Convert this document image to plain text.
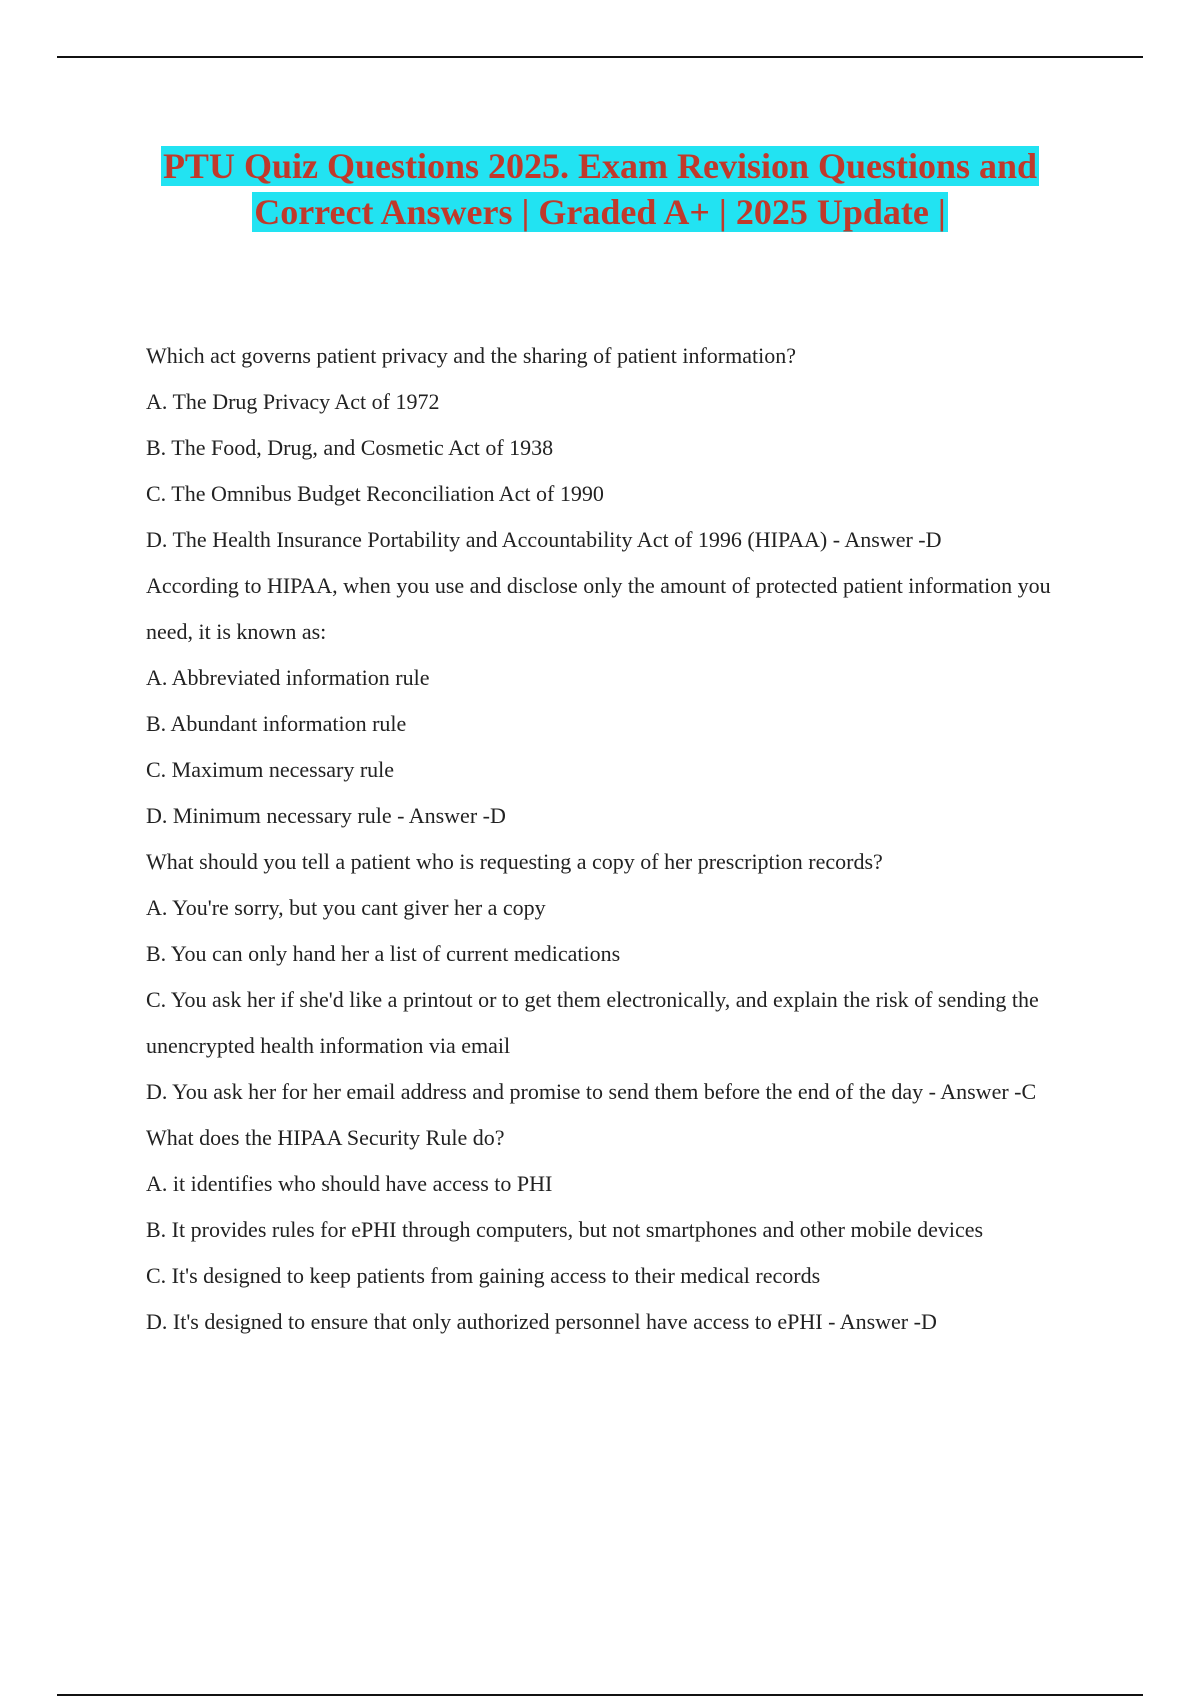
PTU Quiz Questions 2025. Exam Revision Questions and
Correct Answers | Graded A+ | 2025 Update |

Which act governs patient privacy and the sharing of patient information?

A. The Drug Privacy Act of 1972

B. The Food, Drug, and Cosmetic Act of 1938

C. The Omnibus Budget Reconciliation Act of 1990

D. The Health Insurance Portability and Accountability Act of 1996 (HIPAA) - Answer -D

According to HIPAA, when you use and disclose only the amount of protected patient information you

need, it is known as:

A. Abbreviated information rule

B. Abundant information rule

C. Maximum necessary rule

D. Minimum necessary rule - Answer -D

What should you tell a patient who is requesting a copy of her prescription records?

A. You're sorry, but you cant giver her a copy

B. You can only hand her a list of current medications

C. You ask her if she'd like a printout or to get them electronically, and explain the risk of sending the

unencrypted health information via email

D. You ask her for her email address and promise to send them before the end of the day - Answer -C

What does the HIPAA Security Rule do?

A. it identifies who should have access to PHI

B. It provides rules for ePHI through computers, but not smartphones and other mobile devices

C. It's designed to keep patients from gaining access to their medical records

D. It's designed to ensure that only authorized personnel have access to ePHI - Answer -D
